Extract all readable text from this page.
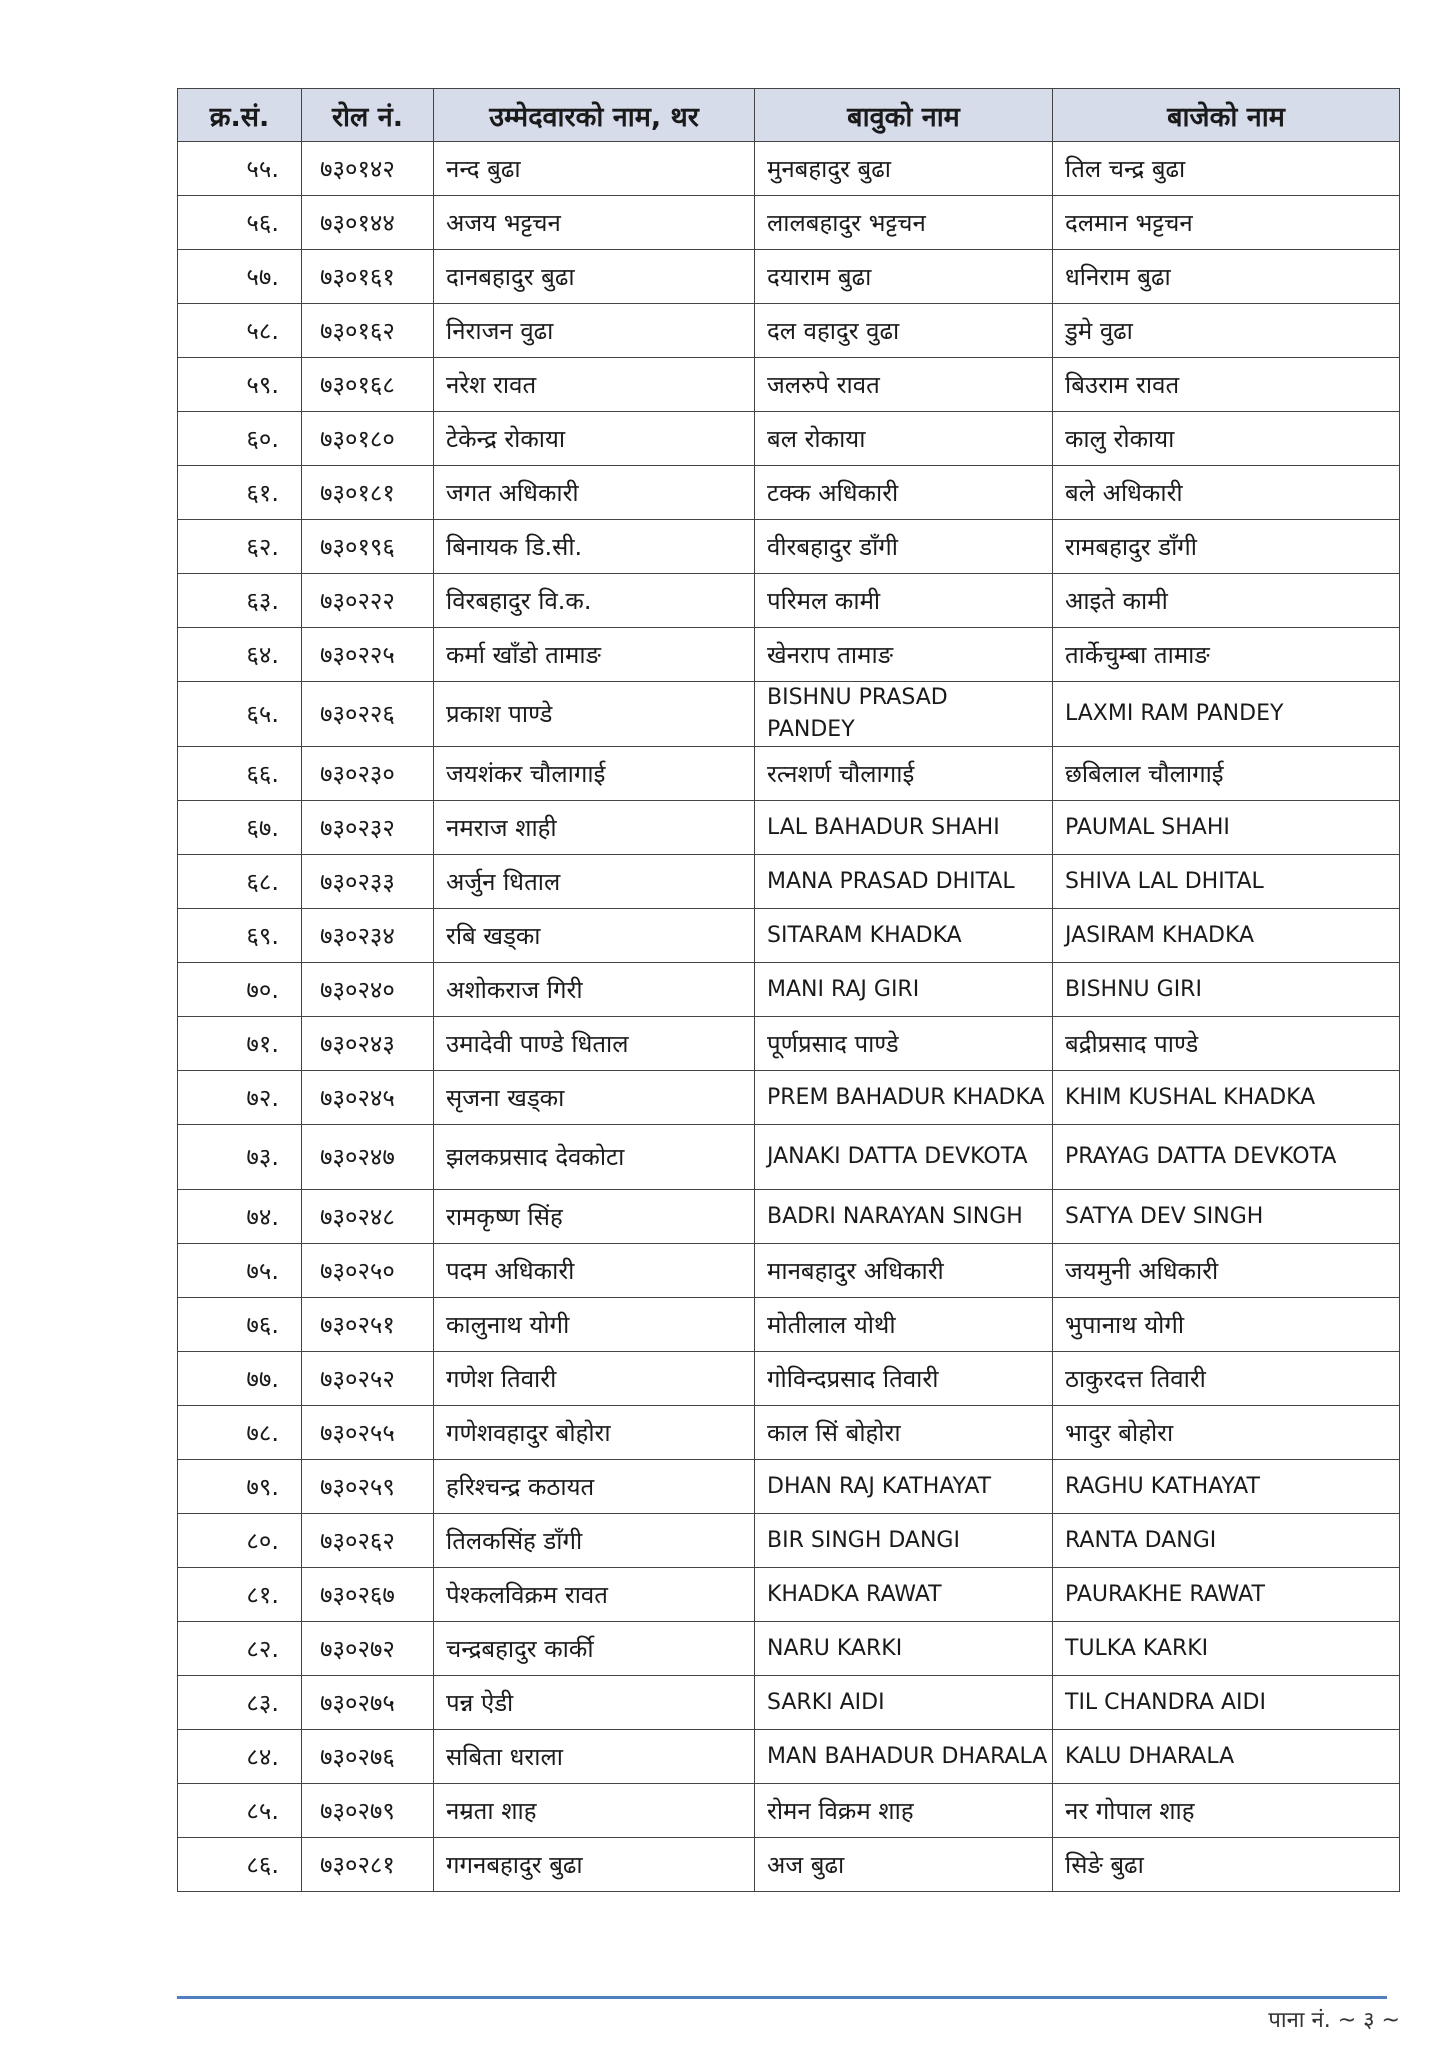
क्र.सं.	रोल नं.	उम्मेदवारको नाम, थर	बावुको नाम	बाजेको नाम
५५.	७३०१४२	नन्द बुढा	मुनबहादुर बुढा	तिल चन्द्र बुढा
५६.	७३०१४४	अजय भट्टचन	लालबहादुर भट्टचन	दलमान भट्टचन
५७.	७३०१६१	दानबहादुर बुढा	दयाराम बुढा	धनिराम बुढा
५८.	७३०१६२	निराजन वुढा	दल वहादुर वुढा	डुमे वुढा
५९.	७३०१६८	नरेश रावत	जलरुपे रावत	बिउराम रावत
६०.	७३०१८०	टेकेन्द्र रोकाया	बल रोकाया	कालु रोकाया
६१.	७३०१८१	जगत अधिकारी	टक्क अधिकारी	बले अधिकारी
६२.	७३०१९६	बिनायक डि.सी.	वीरबहादुर डाँगी	रामबहादुर डाँगी
६३.	७३०२२२	विरबहादुर वि.क.	परिमल कामी	आइते कामी
६४.	७३०२२५	कर्मा खाँडो तामाङ	खेनराप तामाङ	तार्केचुम्बा तामाङ
६५.	७३०२२६	प्रकाश पाण्डे	BISHNU PRASAD PANDEY	LAXMI RAM PANDEY
६६.	७३०२३०	जयशंकर चौलागाई	रत्नशर्ण चौलागाई	छबिलाल चौलागाई
६७.	७३०२३२	नमराज शाही	LAL BAHADUR SHAHI	PAUMAL SHAHI
६८.	७३०२३३	अर्जुन धिताल	MANA PRASAD DHITAL	SHIVA LAL DHITAL
६९.	७३०२३४	रबि खड्का	SITARAM KHADKA	JASIRAM KHADKA
७०.	७३०२४०	अशोकराज गिरी	MANI RAJ GIRI	BISHNU GIRI
७१.	७३०२४३	उमादेवी पाण्डे धिताल	पूर्णप्रसाद पाण्डे	बद्रीप्रसाद पाण्डे
७२.	७३०२४५	सृजना खड्का	PREM BAHADUR KHADKA	KHIM KUSHAL KHADKA
७३.	७३०२४७	झलकप्रसाद देवकोटा	JANAKI DATTA DEVKOTA	PRAYAG DATTA DEVKOTA
७४.	७३०२४८	रामकृष्ण सिंह	BADRI NARAYAN SINGH	SATYA DEV SINGH
७५.	७३०२५०	पदम अधिकारी	मानबहादुर अधिकारी	जयमुनी अधिकारी
७६.	७३०२५१	कालुनाथ योगी	मोतीलाल योथी	भुपानाथ योगी
७७.	७३०२५२	गणेश तिवारी	गोविन्दप्रसाद तिवारी	ठाकुरदत्त तिवारी
७८.	७३०२५५	गणेशवहादुर बोहोरा	काल सिं बोहोरा	भादुर बोहोरा
७९.	७३०२५९	हरिश्चन्द्र कठायत	DHAN RAJ KATHAYAT	RAGHU KATHAYAT
८०.	७३०२६२	तिलकसिंह डाँगी	BIR SINGH DANGI	RANTA DANGI
८१.	७३०२६७	पेश्कलविक्रम रावत	KHADKA RAWAT	PAURAKHE RAWAT
८२.	७३०२७२	चन्द्रबहादुर कार्की	NARU KARKI	TULKA KARKI
८३.	७३०२७५	पन्न ऐडी	SARKI AIDI	TIL CHANDRA AIDI
८४.	७३०२७६	सबिता धराला	MAN BAHADUR DHARALA	KALU DHARALA
८५.	७३०२७९	नम्रता शाह	रोमन विक्रम शाह	नर गोपाल शाह
८६.	७३०२८१	गगनबहादुर बुढा	अज बुढा	सिङे बुढा
पाना नं. ~ ३ ~
